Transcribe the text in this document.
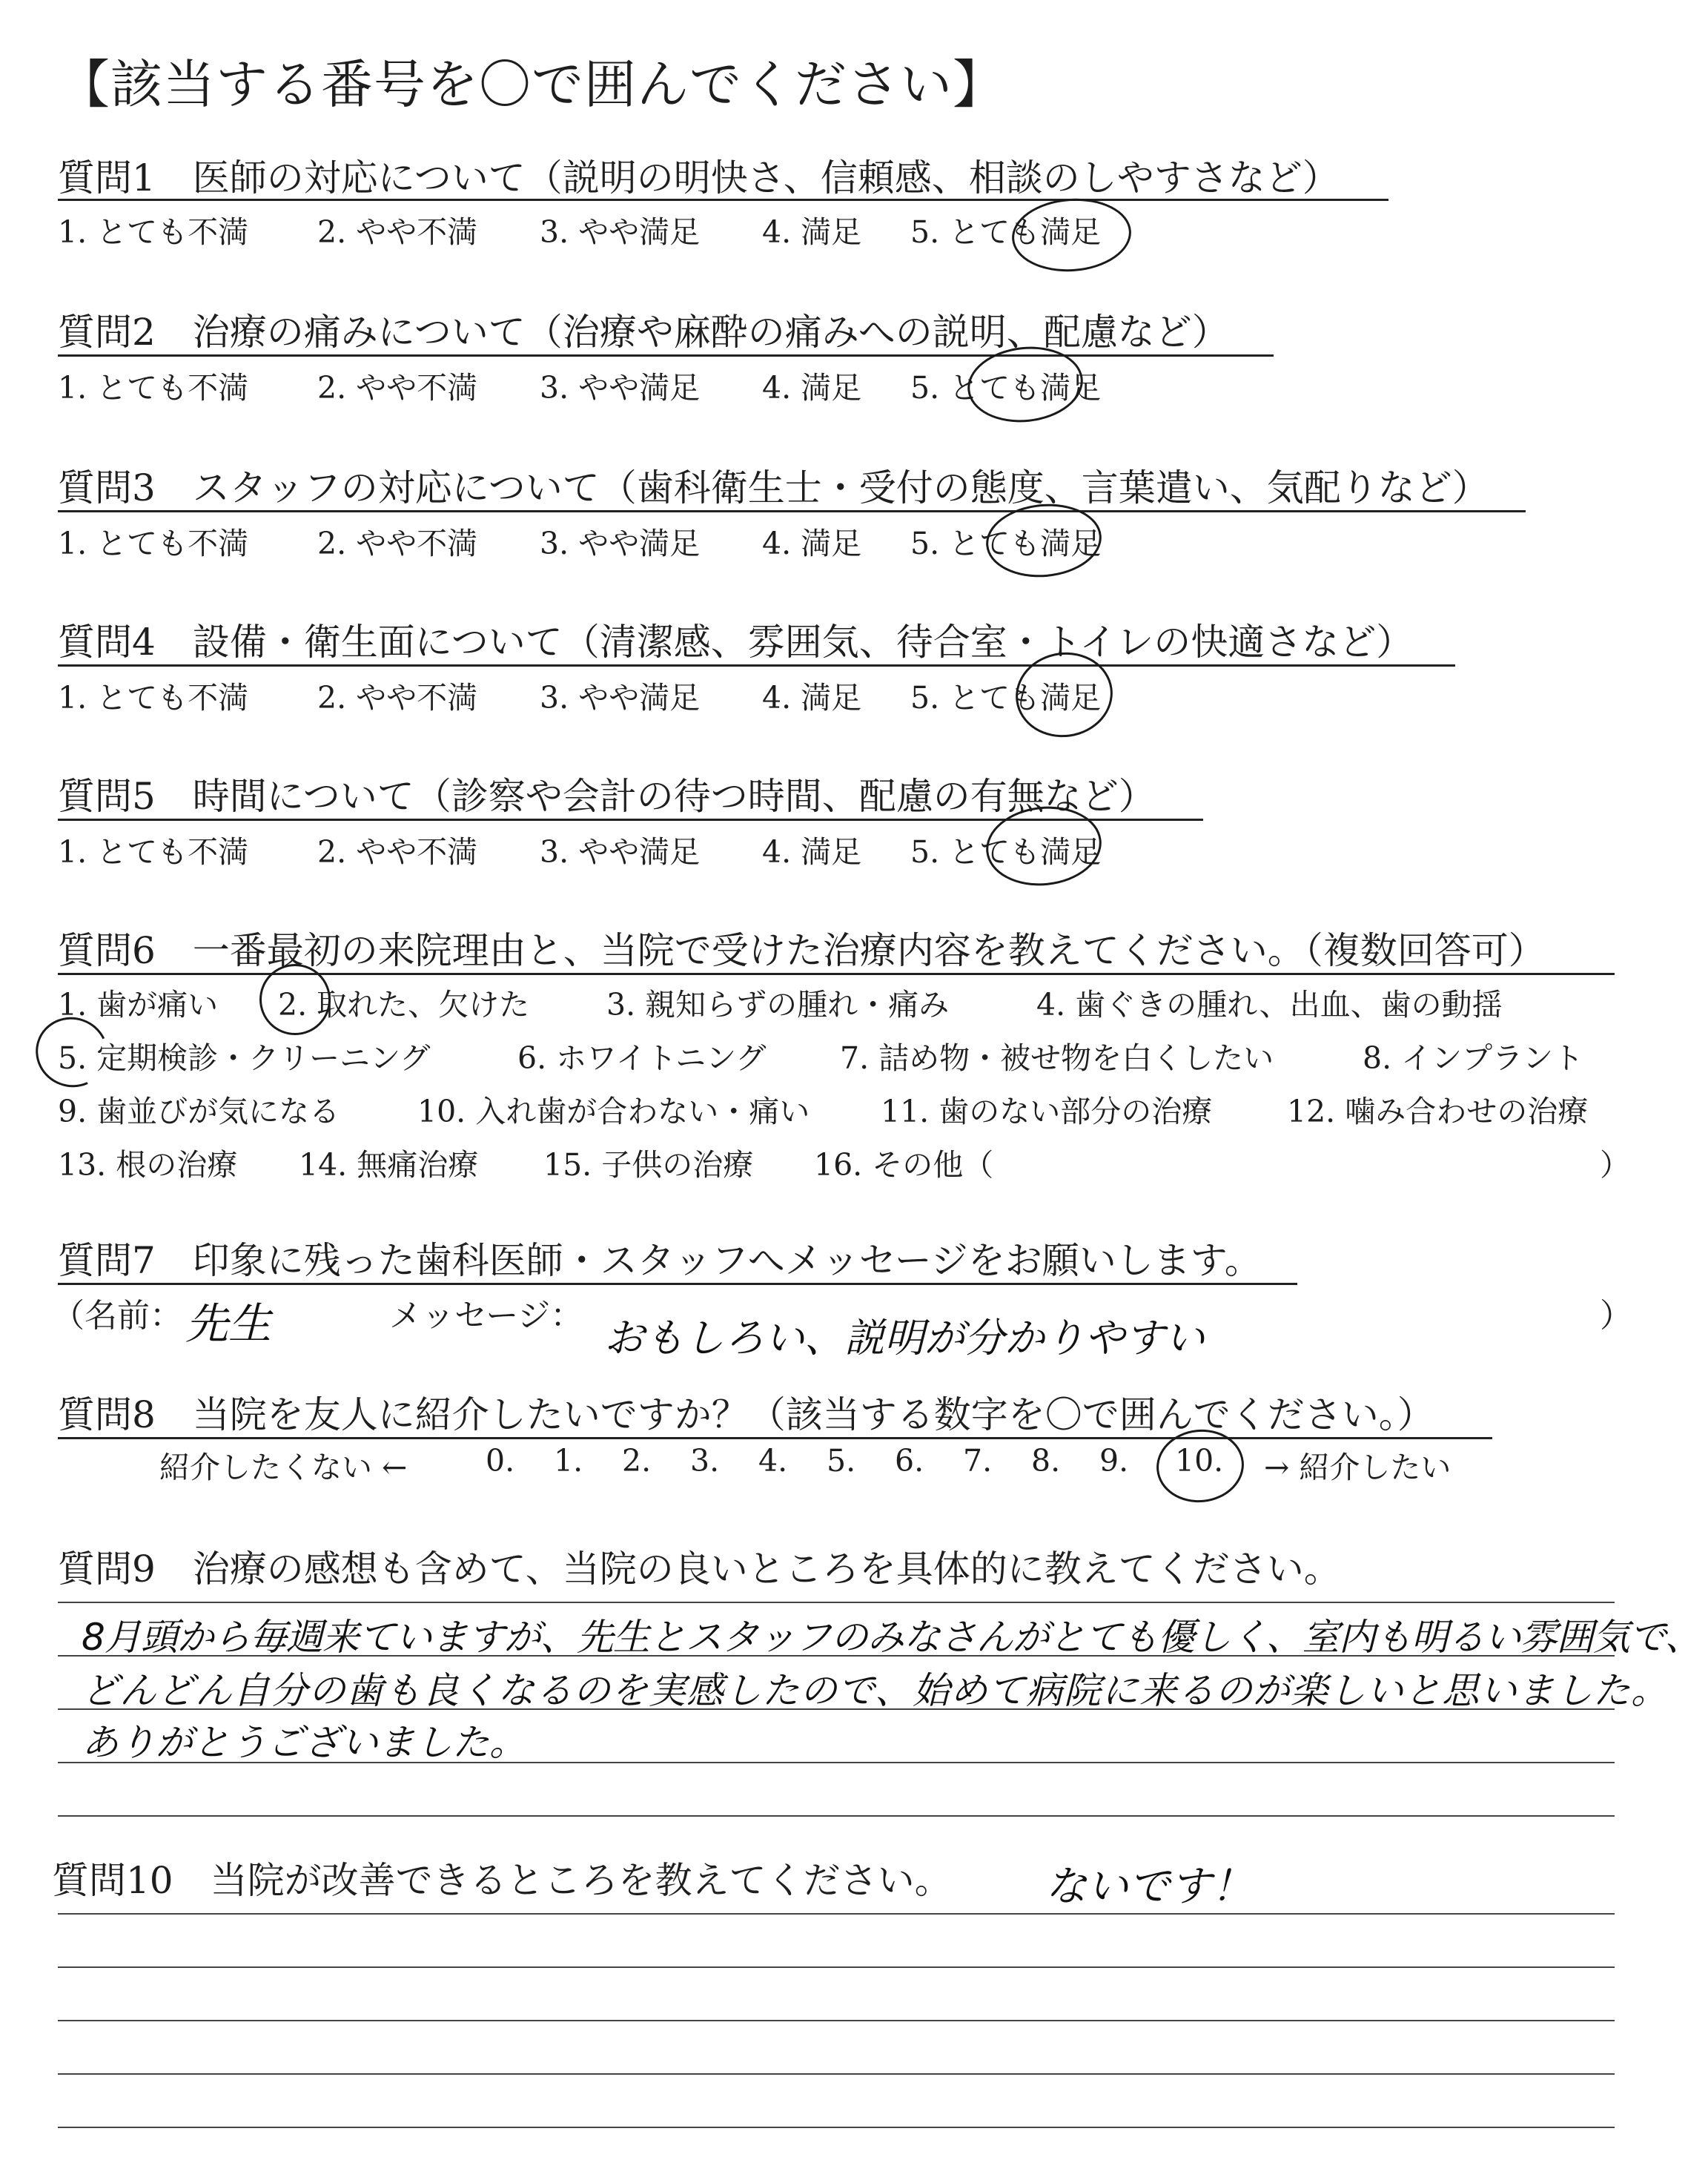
【該当する番号を〇で囲んでください】
質問1　医師の対応について（説明の明快さ、信頼感、相談のしやすさなど）
1. とても不満 2. やや不満 3. やや満足 4. 満足 5. とても満足
質問2　治療の痛みについて（治療や麻酔の痛みへの説明、配慮など）
1. とても不満 2. やや不満 3. やや満足 4. 満足 5. とても満足
質問3　スタッフの対応について（歯科衛生士・受付の態度、言葉遣い、気配りなど）
1. とても不満 2. やや不満 3. やや満足 4. 満足 5. とても満足
質問4　設備・衛生面について（清潔感、雰囲気、待合室・トイレの快適さなど）
1. とても不満 2. やや不満 3. やや満足 4. 満足 5. とても満足
質問5　時間について（診察や会計の待つ時間、配慮の有無など）
1. とても不満 2. やや不満 3. やや満足 4. 満足 5. とても満足
質問6　一番最初の来院理由と、当院で受けた治療内容を教えてください。（複数回答可）
1. 歯が痛い 2. 取れた、欠けた	3. 親知らずの腫れ・痛み	4. 歯ぐきの腫れ、出血、歯の動揺
5. 定期検診・クリーニング	6. ホワイトニング 7. 詰め物・被せ物を白くしたい	8. インプラント
9. 歯並びが気になる	10. 入れ歯が合わない・痛い 11. 歯のない部分の治療 12. 噛み合わせの治療
13. 根の治療 14. 無痛治療 15. 子供の治療 16. その他（	）
質問7　印象に残った歯科医師・スタッフへメッセージをお願いします。
（名前： 先生	メッセージ： おもしろい、説明が分かりやすい	）
質問8　当院を友人に紹介したいですか？（該当する数字を〇で囲んでください。）
紹介したくない ←	0. 1. 2. 3. 4. 5. 6. 7. 8. 9. 10. → 紹介したい
質問9　治療の感想も含めて、当院の良いところを具体的に教えてください。
8月頭から毎週来ていますが、先生とスタッフのみなさんがとても優しく、室内も明るい雰囲気で、
どんどん自分の歯も良くなるのを実感したので、始めて病院に来るのが楽しいと思いました。
ありがとうございました。
質問10　当院が改善できるところを教えてください。 ないです！
